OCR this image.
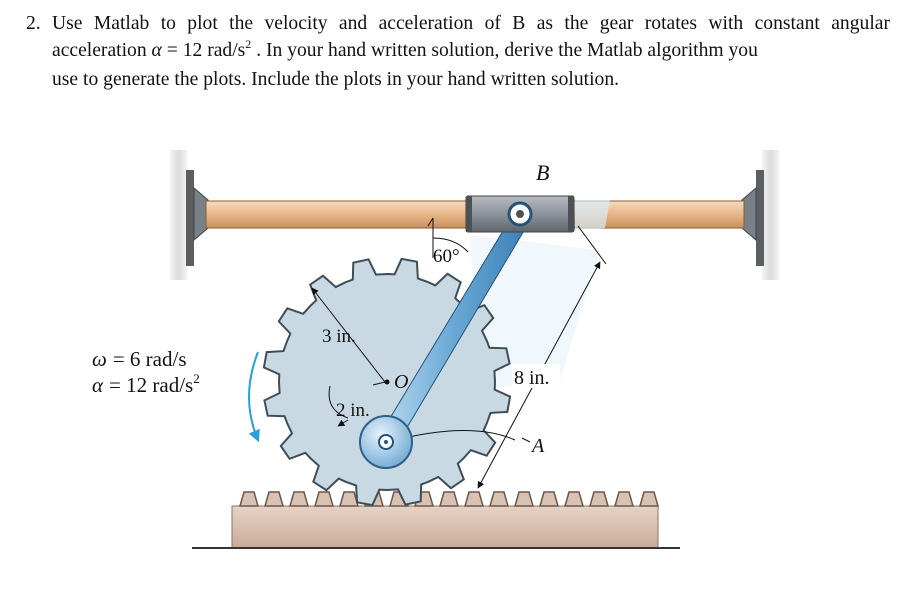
2. Use Matlab to plot the velocity and acceleration of B as the gear rotates with constant angular
acceleration α = 12 rad/$s^2$ . In your hand written solution, derive the Matlab algorithm you
use to generate the plots. Include the plots in your hand written solution.
3 in.
2 in.
O
A
B
60°
8 in.
ω = 6 rad/s
α = 12 rad/$s^2$
